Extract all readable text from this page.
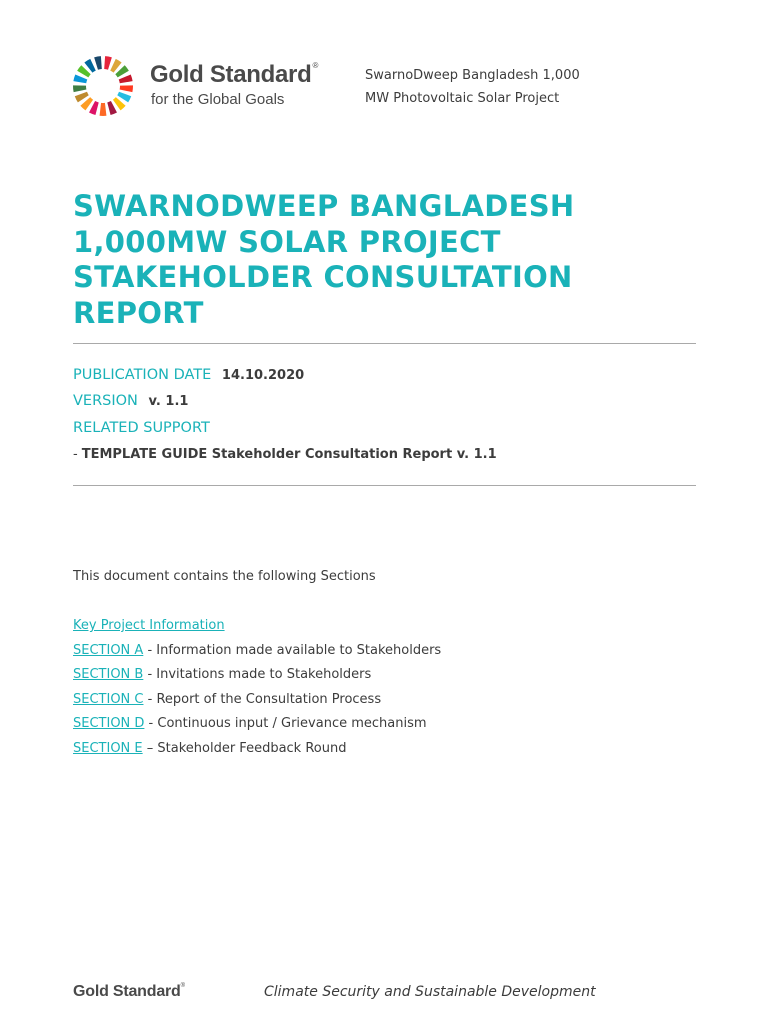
Gold Standard®
for the Global Goals
SwarnoDweep Bangladesh 1,000
MW Photovoltaic Solar Project
SWARNODWEEP BANGLADESH
1,000MW SOLAR PROJECT
STAKEHOLDER CONSULTATION
REPORT
PUBLICATION DATE 14.10.2020
VERSION v. 1.1
RELATED SUPPORT
- TEMPLATE GUIDE Stakeholder Consultation Report v. 1.1
This document contains the following Sections
Key Project Information
SECTION A - Information made available to Stakeholders
SECTION B - Invitations made to Stakeholders
SECTION C - Report of the Consultation Process
SECTION D - Continuous input / Grievance mechanism
SECTION E – Stakeholder Feedback Round
Gold Standard®	Climate Security and Sustainable Development
